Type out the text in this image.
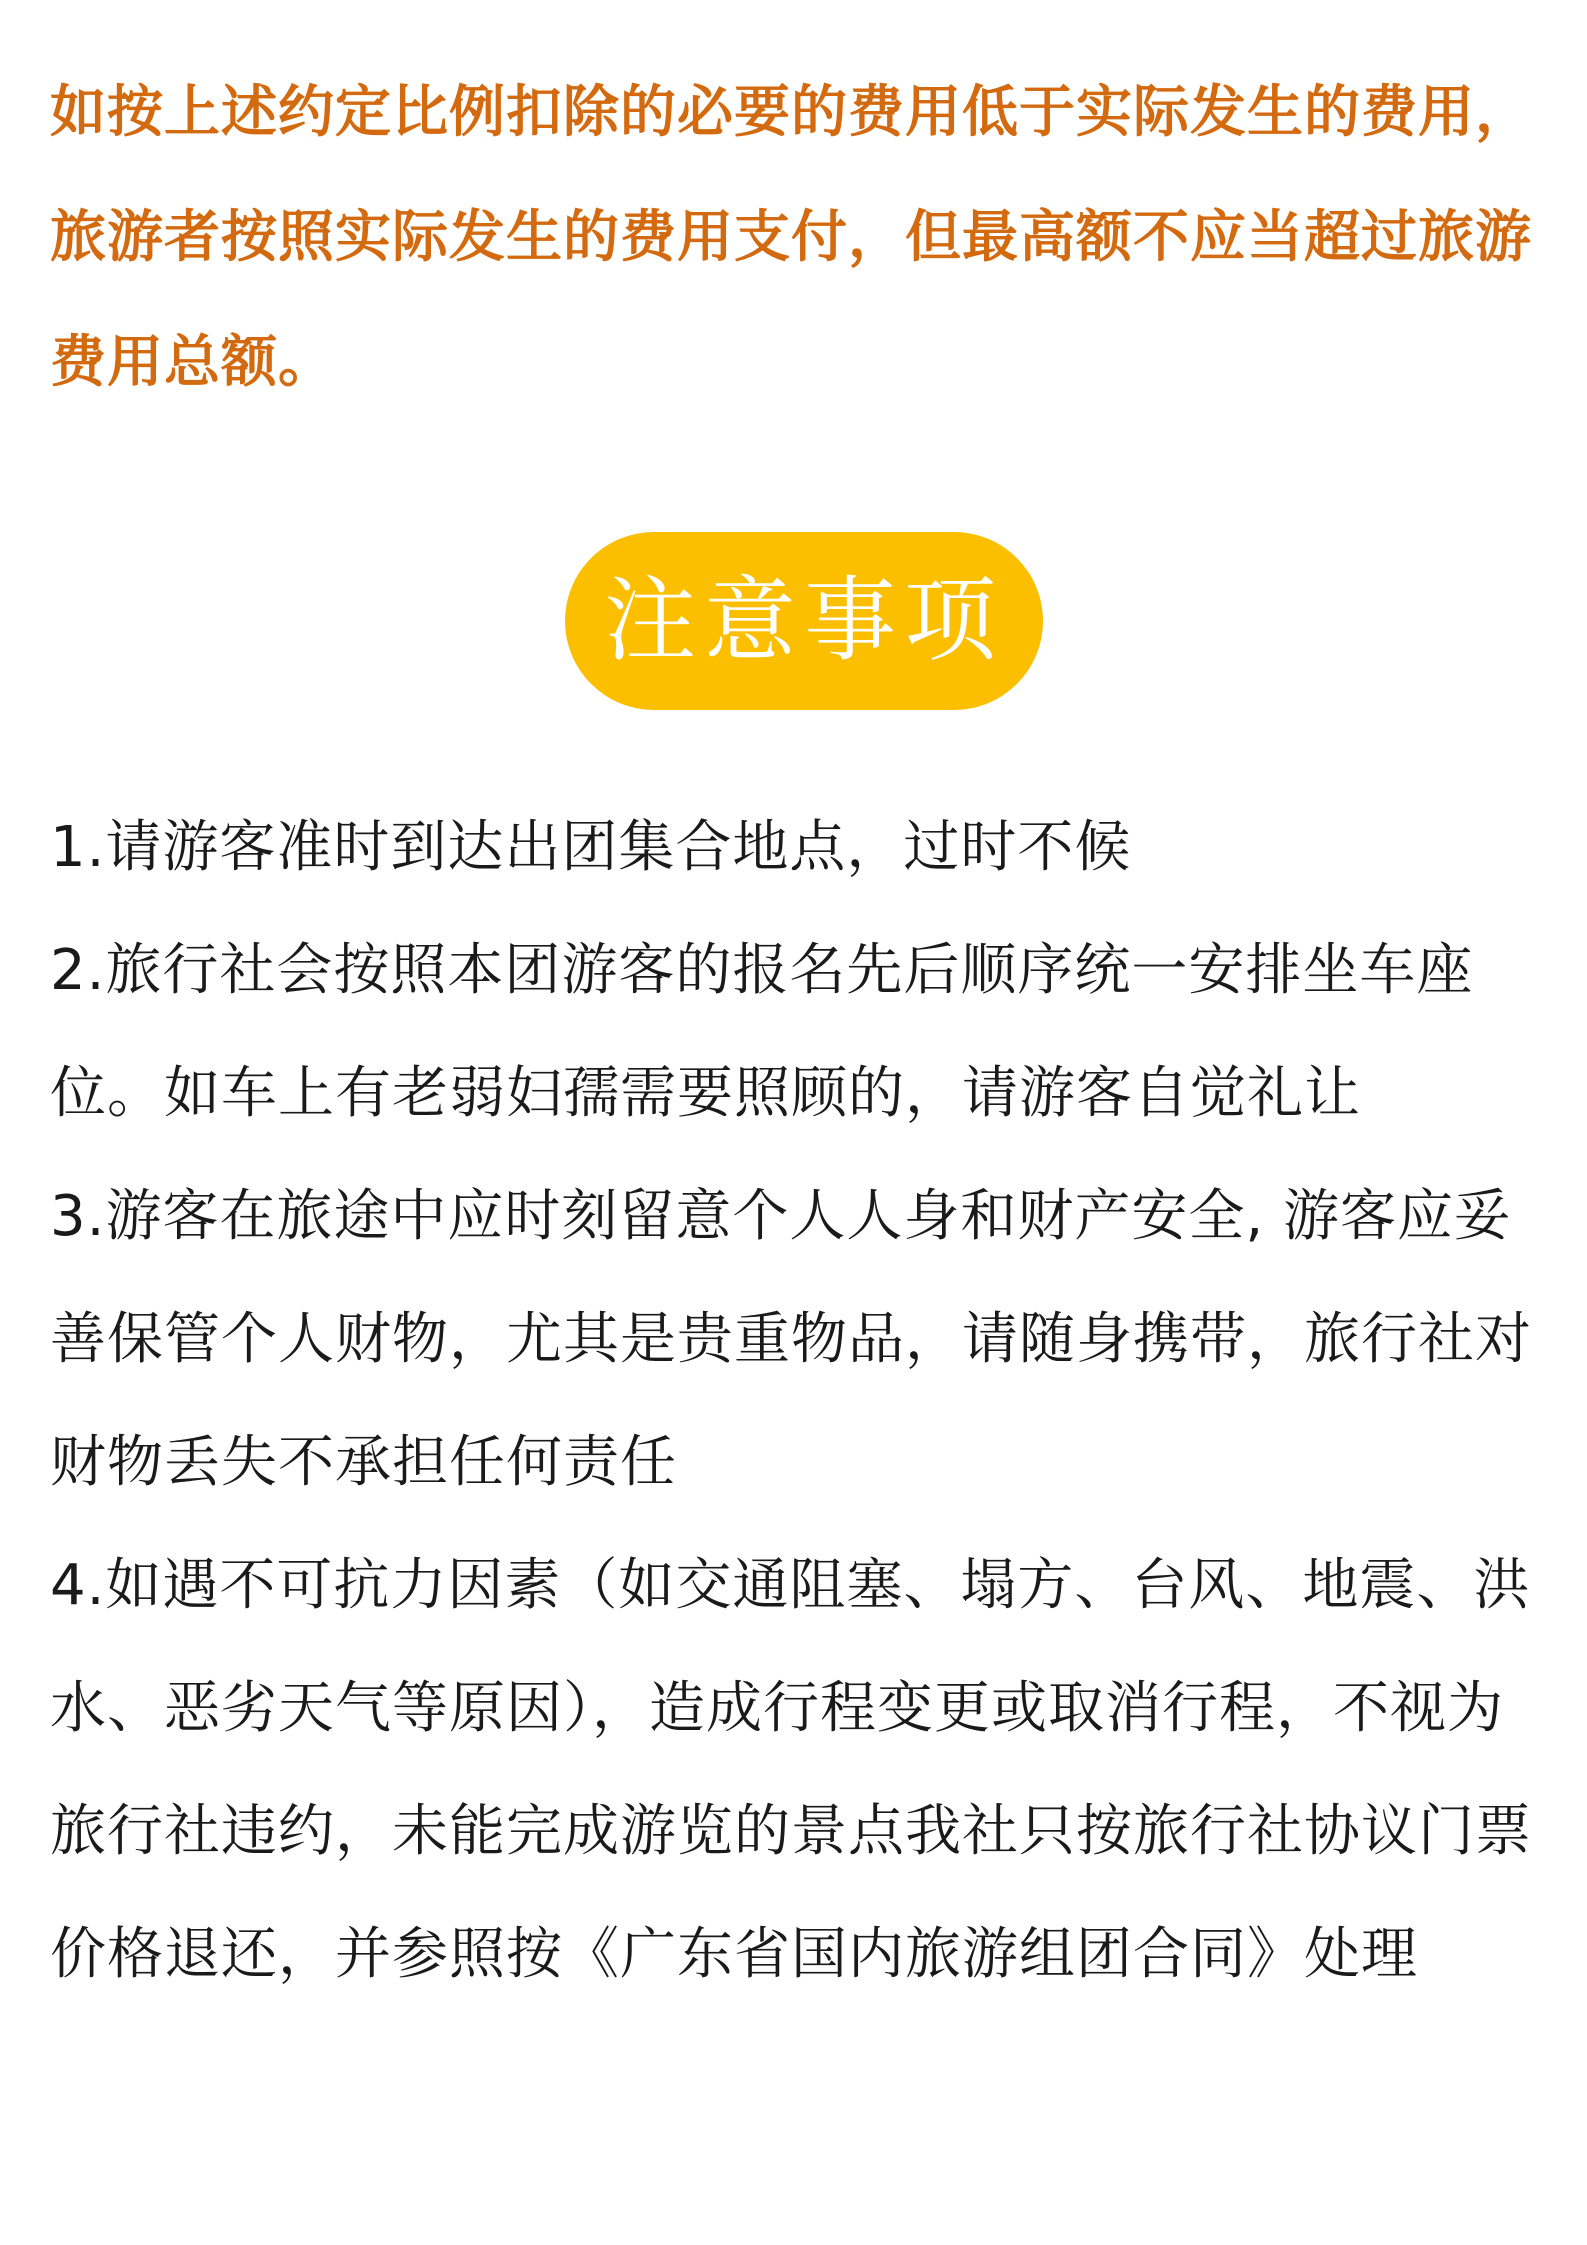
如按上述约定比例扣除的必要的费用低于实际发生的费用，旅游者按照实际发生的费用支付，但最高额不应当超过旅游费用总额。

注意事项

1.请游客准时到达出团集合地点，过时不候

2.旅行社会按照本团游客的报名先后顺序统一安排坐车座位。如车上有老弱妇孺需要照顾的，请游客自觉礼让

3.游客在旅途中应时刻留意个人人身和财产安全, 游客应妥善保管个人财物，尤其是贵重物品，请随身携带，旅行社对财物丢失不承担任何责任

4.如遇不可抗力因素（如交通阻塞、塌方、台风、地震、洪水、恶劣天气等原因），造成行程变更或取消行程，不视为旅行社违约，未能完成游览的景点我社只按旅行社协议门票价格退还，并参照按《广东省国内旅游组团合同》处理
